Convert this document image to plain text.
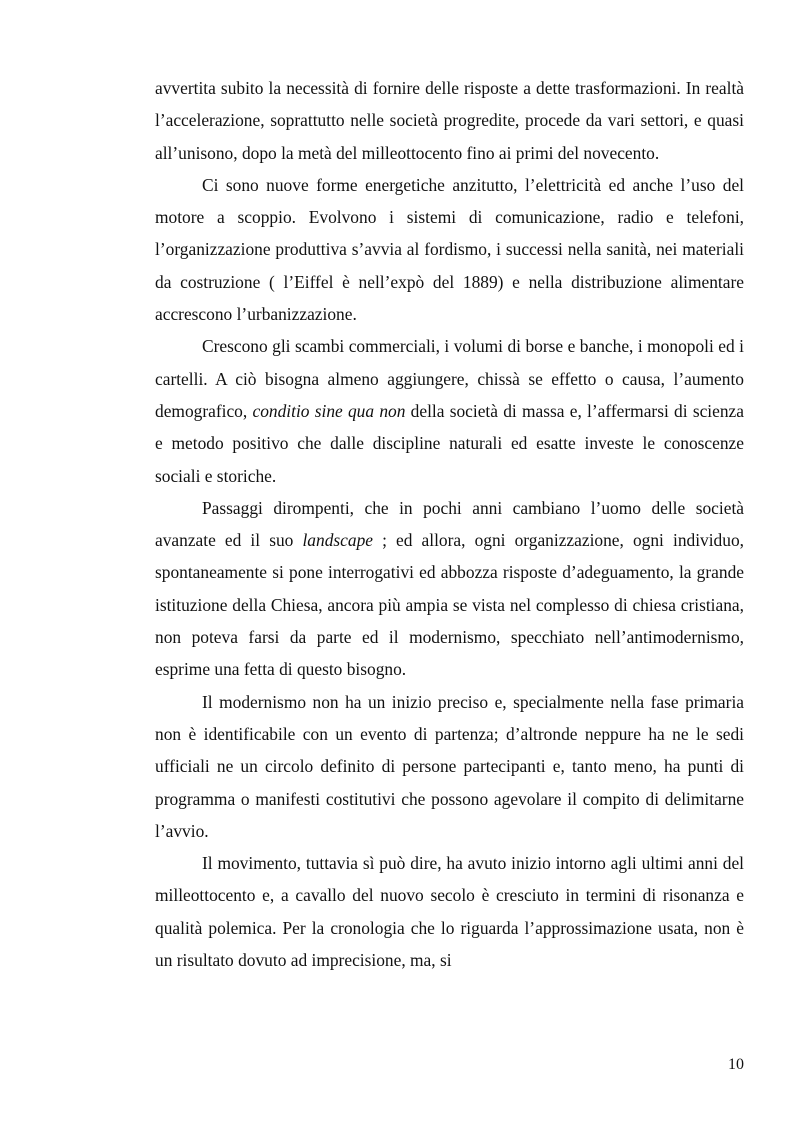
avvertita subito la necessità di fornire delle risposte a dette trasformazioni. In realtà l’accelerazione, soprattutto nelle società progredite, procede da vari settori, e quasi all’unisono, dopo la metà del milleottocento fino ai primi del novecento.

Ci sono nuove forme energetiche anzitutto, l’elettricità ed anche l’uso del motore a scoppio. Evolvono i sistemi di comunicazione, radio e telefoni, l’organizzazione produttiva s’avvia al fordismo, i successi nella sanità, nei materiali da costruzione ( l’Eiffel è nell’expò del 1889) e nella distribuzione alimentare accrescono l’urbanizzazione.

Crescono gli scambi commerciali, i volumi di borse e banche, i monopoli ed i cartelli. A ciò bisogna almeno aggiungere, chissà se effetto o causa, l’aumento demografico, conditio sine qua non della società di massa e, l’affermarsi di scienza e metodo positivo che dalle discipline naturali ed esatte investe le conoscenze sociali e storiche.

Passaggi dirompenti, che in pochi anni cambiano l’uomo delle società avanzate ed il suo landscape ; ed allora, ogni organizzazione, ogni individuo, spontaneamente si pone interrogativi ed abbozza risposte d’adeguamento, la grande istituzione della Chiesa, ancora più ampia se vista nel complesso di chiesa cristiana, non poteva farsi da parte ed il modernismo, specchiato nell’antimodernismo, esprime una fetta di questo bisogno.

Il modernismo non ha un inizio preciso e, specialmente nella fase primaria non è identificabile con un evento di partenza; d’altronde neppure ha ne le sedi ufficiali ne un circolo definito di persone partecipanti e, tanto meno, ha punti di programma o manifesti costitutivi che possono agevolare il compito di delimitarne l’avvio.

Il movimento, tuttavia sì può dire, ha avuto inizio intorno agli ultimi anni del milleottocento e, a cavallo del nuovo secolo è cresciuto in termini di risonanza e qualità polemica. Per la cronologia che lo riguarda l’approssimazione usata, non è un risultato dovuto ad imprecisione, ma, si

10
